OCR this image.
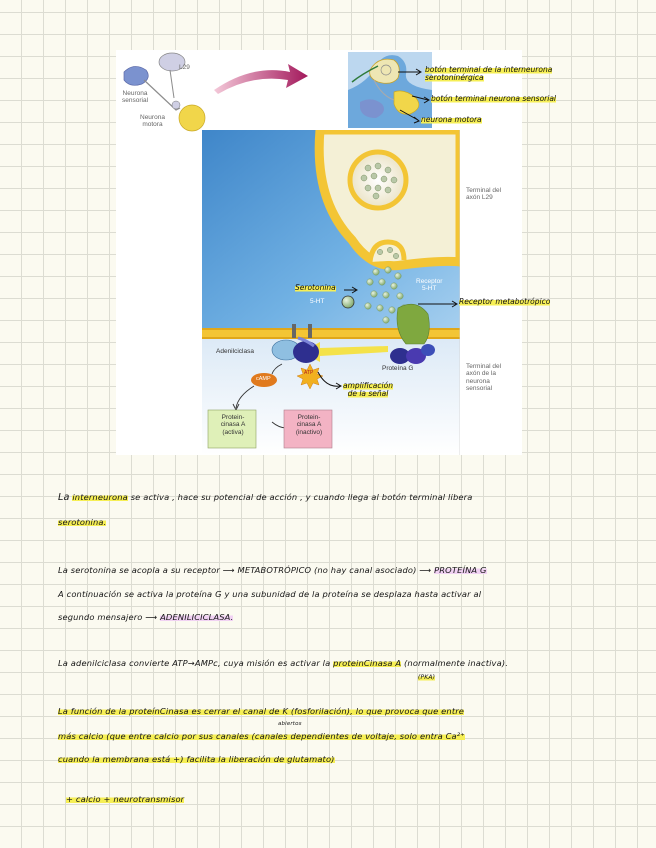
L29
Neurona
sensorial
Neurona
motora
Receptor
5-HT
5-HT
Adenilciclasa
Proteína G
cAMP
ATP
Protein-
cinasa A
(activa)
Protein-
cinasa A
(inactivo)
Terminal del
axón L29
Terminal del
axón de la
neurona
sensorial
botón terminal de la interneurona
serotoninérgica
botón terminal neurona sensorial
neurona motora
Serotonina
Receptor metabotrópico
amplificación
de la señal
La interneurona se activa , hace su potencial de acción , y cuando llega al botón terminal libera
serotonina.
La serotonina se acopla a su receptor ⟶ METABOTRÓPICO (no hay canal asociado) ⟶ PROTEÍNA G
A continuación se activa la proteína G y una subunidad de la proteína se desplaza hasta activar al
segundo mensajero ⟶ ADENILICICLASA.
La adenilciclasa convierte ATP→AMPc, cuya misión es activar la proteinCinasa A (normalmente inactiva).
(PKA)
La función de la proteínCinasa es cerrar el canal de K (fosforilación), lo que provoca que entre
abiertos
más calcio (que entre calcio por sus canales (canales dependientes de voltaje, solo entra Ca²⁺
cuando la membrana está +) facilita la liberación de glutamato)
+ calcio + neurotransmisor
